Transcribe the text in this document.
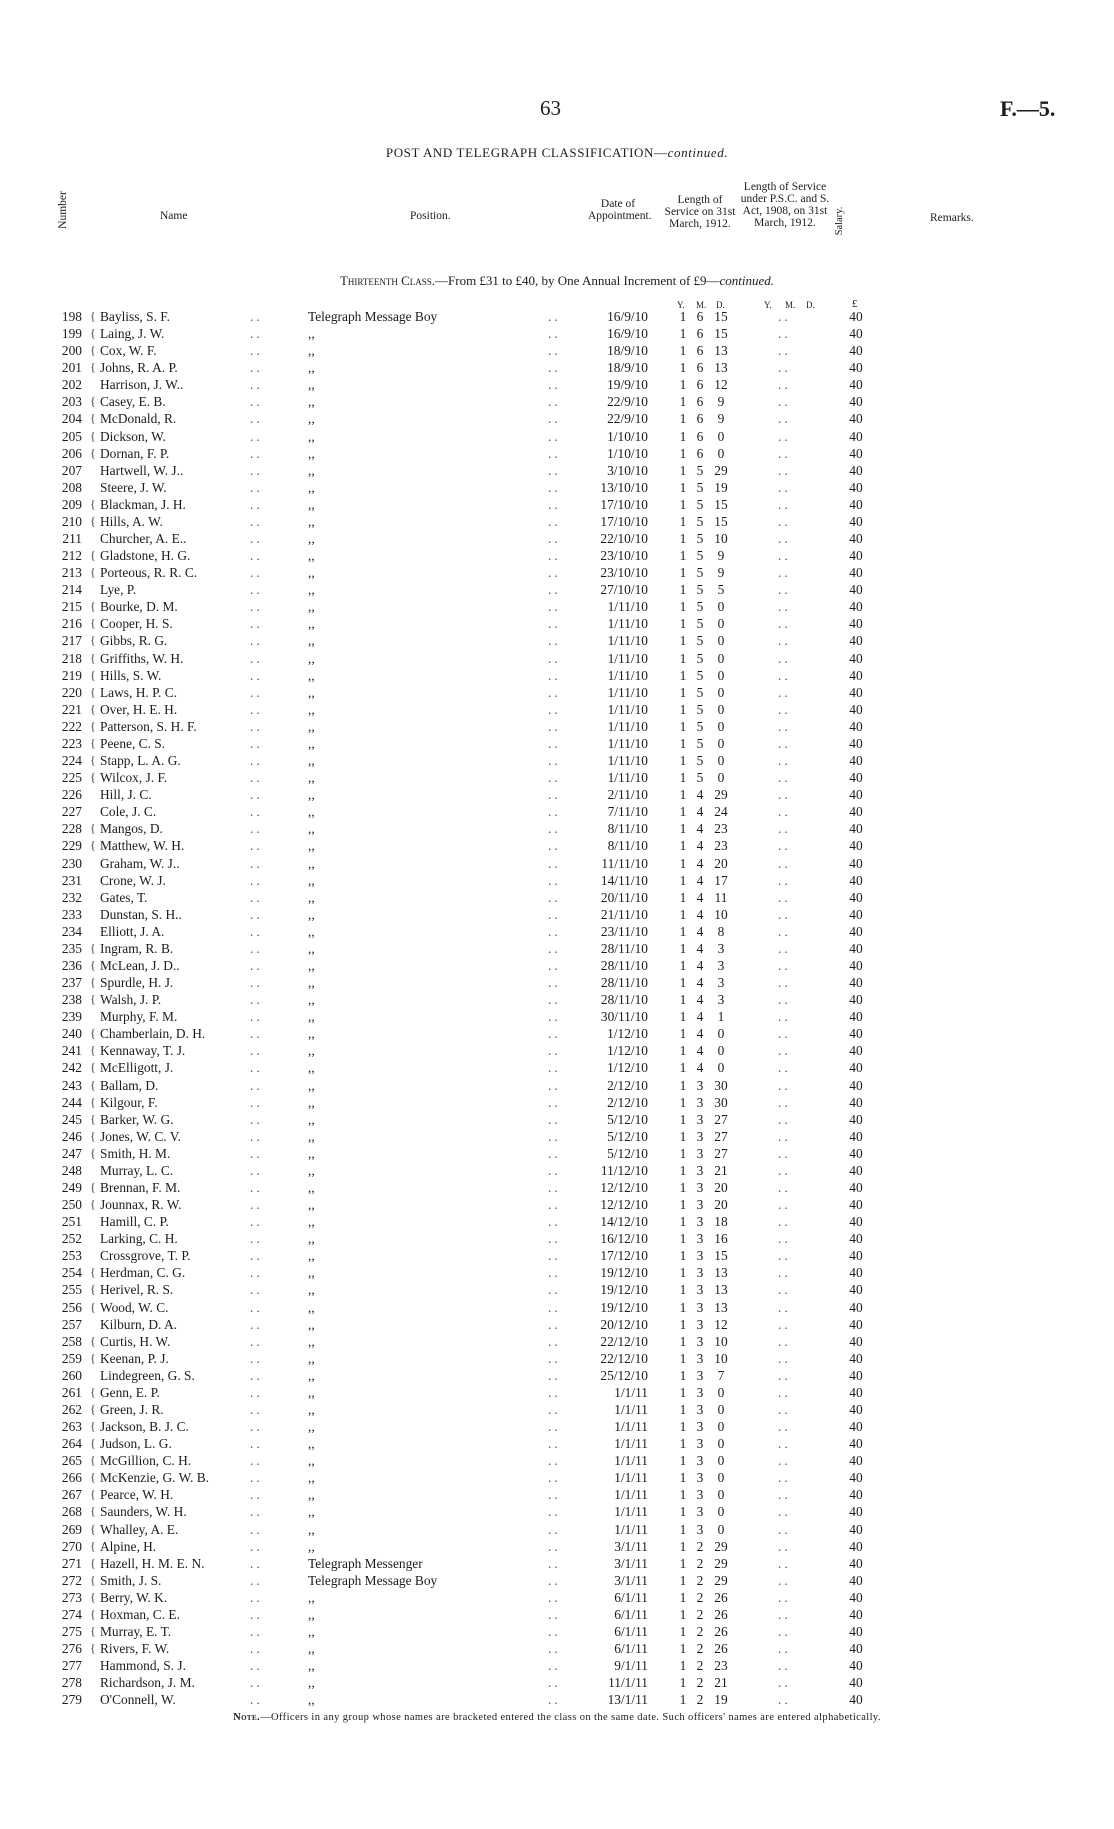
63	F.—5.
POST AND TELEGRAPH CLASSIFICATION—continued.
Number	Name	Position.
Date of Appointment.
Length of Service on 31st March, 1912.
Length of Service under P.S.C. and S. Act, 1908, on 31st March, 1912.	Salary.	Remarks.
Thirteenth Class.—From £31 to £40, by One Annual Increment of £9—continued.
Y. M. D.	Y. M. D.	£
198 { Bayliss, S. F.	..	Telegraph Message Boy	..	16/9/10 1 6 15	..	40
199 { Laing, J. W.	..	,,	..	16/9/10 1 6 15	..	40
200 { Cox, W. F.	..	,,	..	18/9/10 1 6 13	..	40
201 { Johns, R. A. P.	..	,,	..	18/9/10 1 6 13	..	40
202 Harrison, J. W..	..	,,	..	19/9/10 1 6 12	..	40
203 { Casey, E. B.	..	,,	..	22/9/10 1 6	9	..	40
204 { McDonald, R.	..	,,	..	22/9/10 1 6	9	..	40
205 { Dickson, W.	..	,,	..	1/10/10 1 6	0	..	40
206 { Dornan, F. P.	..	,,	..	1/10/10 1 6	0	..	40
207 Hartwell, W. J..	..	,,	..	3/10/10 1 5 29	..	40
208 Steere, J. W.	..	,,	..	13/10/10 1 5 19	..	40
209 { Blackman, J. H.	..	,,	..	17/10/10 1 5 15	..	40
210 { Hills, A. W.	..	,,	..	17/10/10 1 5 15	..	40
211 Churcher, A. E..	..	,,	..	22/10/10 1 5 10	..	40
212 { Gladstone, H. G.	..	,,	..	23/10/10 1 5	9	..	40
213 { Porteous, R. R. C.	..	,,	..	23/10/10 1 5	9	..	40
214 Lye, P.	..	,,	..	27/10/10 1 5	5	..	40
215 { Bourke, D. M.	..	,,	..	1/11/10 1 5	0	..	40
216 { Cooper, H. S.	..	,,	..	1/11/10 1 5	0	..	40
217 { Gibbs, R. G.	..	,,	..	1/11/10 1 5	0	..	40
218 { Griffiths, W. H.	..	,,	..	1/11/10 1 5	0	..	40
219 { Hills, S. W.	..	,,	..	1/11/10 1 5	0	..	40
220 { Laws, H. P. C.	..	,,	..	1/11/10 1 5	0	..	40
221 { Over, H. E. H.	..	,,	..	1/11/10 1 5	0	..	40
222 { Patterson, S. H. F.	..	,,	..	1/11/10 1 5	0	..	40
223 { Peene, C. S.	..	,,	..	1/11/10 1 5	0	..	40
224 { Stapp, L. A. G.	..	,,	..	1/11/10 1 5	0	..	40
225 { Wilcox, J. F.	..	,,	..	1/11/10 1 5	0	..	40
226 Hill, J. C.	..	,,	..	2/11/10 1 4 29	..	40
227 Cole, J. C.	..	,,	..	7/11/10 1 4 24	..	40
228 { Mangos, D.	..	,,	..	8/11/10 1 4 23	..	40
229 { Matthew, W. H.	..	,,	..	8/11/10 1 4 23	..	40
230 Graham, W. J..	..	,,	..	11/11/10 1 4 20	..	40
231 Crone, W. J.	..	,,	..	14/11/10 1 4 17	..	40
232 Gates, T.	..	,,	..	20/11/10 1 4 11	..	40
233 Dunstan, S. H..	..	,,	..	21/11/10 1 4 10	..	40
234 Elliott, J. A.	..	,,	..	23/11/10 1 4	8	..	40
235 { Ingram, R. B.	..	,,	..	28/11/10 1 4	3	..	40
236 { McLean, J. D..	..	,,	..	28/11/10 1 4	3	..	40
237 { Spurdle, H. J.	..	,,	..	28/11/10 1 4	3	..	40
238 { Walsh, J. P.	..	,,	..	28/11/10 1 4	3	..	40
239 Murphy, F. M.	..	,,	..	30/11/10 1 4	1	..	40
240 { Chamberlain, D. H.	..	,,	..	1/12/10 1 4	0	..	40
241 { Kennaway, T. J.	..	,,	..	1/12/10 1 4	0	..	40
242 { McElligott, J.	..	,,	..	1/12/10 1 4	0	..	40
243 { Ballam, D.	..	,,	..	2/12/10 1 3 30	..	40
244 { Kilgour, F.	..	,,	..	2/12/10 1 3 30	..	40
245 { Barker, W. G.	..	,,	..	5/12/10 1 3 27	..	40
246 { Jones, W. C. V.	..	,,	..	5/12/10 1 3 27	..	40
247 { Smith, H. M.	..	,,	..	5/12/10 1 3 27	..	40
248 Murray, L. C.	..	,,	..	11/12/10 1 3 21	..	40
249 { Brennan, F. M.	..	,,	..	12/12/10 1 3 20	..	40
250 { Jounnax, R. W.	..	,,	..	12/12/10 1 3 20	..	40
251 Hamill, C. P.	..	,,	..	14/12/10 1 3 18	..	40
252 Larking, C. H.	..	,,	..	16/12/10 1 3 16	..	40
253 Crossgrove, T. P.	..	,,	..	17/12/10 1 3 15	..	40
254 { Herdman, C. G.	..	,,	..	19/12/10 1 3 13	..	40
255 { Herivel, R. S.	..	,,	..	19/12/10 1 3 13	..	40
256 { Wood, W. C.	..	,,	..	19/12/10 1 3 13	..	40
257 Kilburn, D. A.	..	,,	..	20/12/10 1 3 12	..	40
258 { Curtis, H. W.	..	,,	..	22/12/10 1 3 10	..	40
259 { Keenan, P. J.	..	,,	..	22/12/10 1 3 10	..	40
260 Lindegreen, G. S.	..	,,	..	25/12/10 1 3	7	..	40
261 { Genn, E. P.	..	,,	..	1/1/11 1 3	0	..	40
262 { Green, J. R.	..	,,	..	1/1/11 1 3	0	..	40
263 { Jackson, B. J. C.	..	,,	..	1/1/11 1 3	0	..	40
264 { Judson, L. G.	..	,,	..	1/1/11 1 3	0	..	40
265 { McGillion, C. H.	..	,,	..	1/1/11 1 3	0	..	40
266 { McKenzie, G. W. B.	..	,,	..	1/1/11 1 3	0	..	40
267 { Pearce, W. H.	..	,,	..	1/1/11 1 3	0	..	40
268 { Saunders, W. H.	..	,,	..	1/1/11 1 3	0	..	40
269 { Whalley, A. E.	..	,,	..	1/1/11 1 3	0	..	40
270 { Alpine, H.	..	,,	..	3/1/11 1 2 29	..	40
271 { Hazell, H. M. E. N.	..	Telegraph Messenger	..	3/1/11 1 2 29	..	40
272 { Smith, J. S.	..	Telegraph Message Boy	..	3/1/11 1 2 29	..	40
273 { Berry, W. K.	..	,,	..	6/1/11 1 2 26	..	40
274 { Hoxman, C. E.	..	,,	..	6/1/11 1 2 26	..	40
275 { Murray, E. T.	..	,,	..	6/1/11 1 2 26	..	40
276 { Rivers, F. W.	..	,,	..	6/1/11 1 2 26	..	40
277 Hammond, S. J.	..	,,	..	9/1/11 1 2 23	..	40
278 Richardson, J. M.	..	,,	..	11/1/11 1 2 21	..	40
279 O'Connell, W.	..	,,	..	13/1/11 1 2 19	..	40
Note.—Officers in any group whose names are bracketed entered the class on the same date. Such officers' names are entered alphabetically.
